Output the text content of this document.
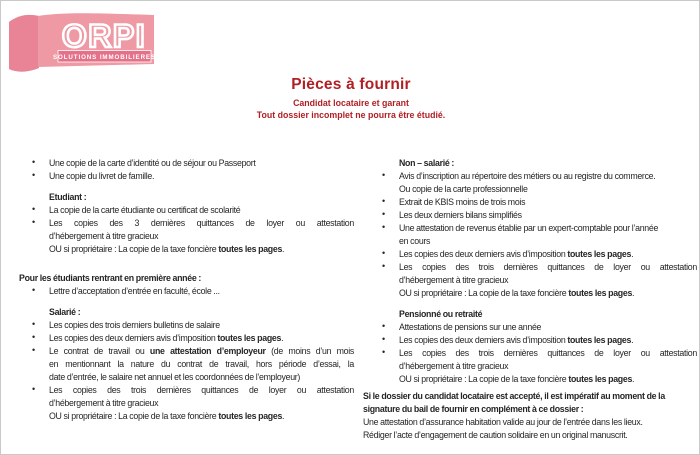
ORPI
SOLUTIONS IMMOBILIERES
Pièces à fournir
Candidat locataire et garant
Tout dossier incomplet ne pourra être étudié.
• Une copie de la carte d’identité ou de séjour ou Passeport
• Une copie du livret de famille.
Etudiant :
• La copie de la carte étudiante ou certificat de scolarité
• Les copies des 3 dernières quittances de loyer ou attestation
d’hébergement à titre gracieux
OU si propriétaire : La copie de la taxe foncière toutes les pages.
Pour les étudiants rentrant en première année :
• Lettre d’acceptation d’entrée en faculté, école ...
Salarié :
• Les copies des trois derniers bulletins de salaire
• Les copies des deux derniers avis d’imposition toutes les pages.
• Le contrat de travail ou une attestation d’employeur (de moins d’un mois
en mentionnant la nature du contrat de travail, hors période d’essai, la
date d’entrée, le salaire net annuel et les coordonnées de l’employeur)
• Les copies des trois dernières quittances de loyer ou attestation
d’hébergement à titre gracieux
OU si propriétaire : La copie de la taxe foncière toutes les pages.
Non – salarié :
• Avis d’inscription au répertoire des métiers ou au registre du commerce.
Ou copie de la carte professionnelle
• Extrait de KBIS moins de trois mois
• Les deux derniers bilans simplifiés
• Une attestation de revenus établie par un expert-comptable pour l’année
en cours
• Les copies des deux derniers avis d’imposition toutes les pages.
• Les copies des trois dernières quittances de loyer ou attestation
d’hébergement à titre gracieux
OU si propriétaire : La copie de la taxe foncière toutes les pages.
Pensionné ou retraité
• Attestations de pensions sur une année
• Les copies des deux derniers avis d’imposition toutes les pages.
• Les copies des trois dernières quittances de loyer ou attestation
d’hébergement à titre gracieux
OU si propriétaire : La copie de la taxe foncière toutes les pages.
Si le dossier du candidat locataire est accepté, il est impératif au moment de la signature du bail de fournir en complément à ce dossier :
Une attestation d’assurance habitation valide au jour de l’entrée dans les lieux.
Rédiger l’acte d’engagement de caution solidaire en un original manuscrit.
